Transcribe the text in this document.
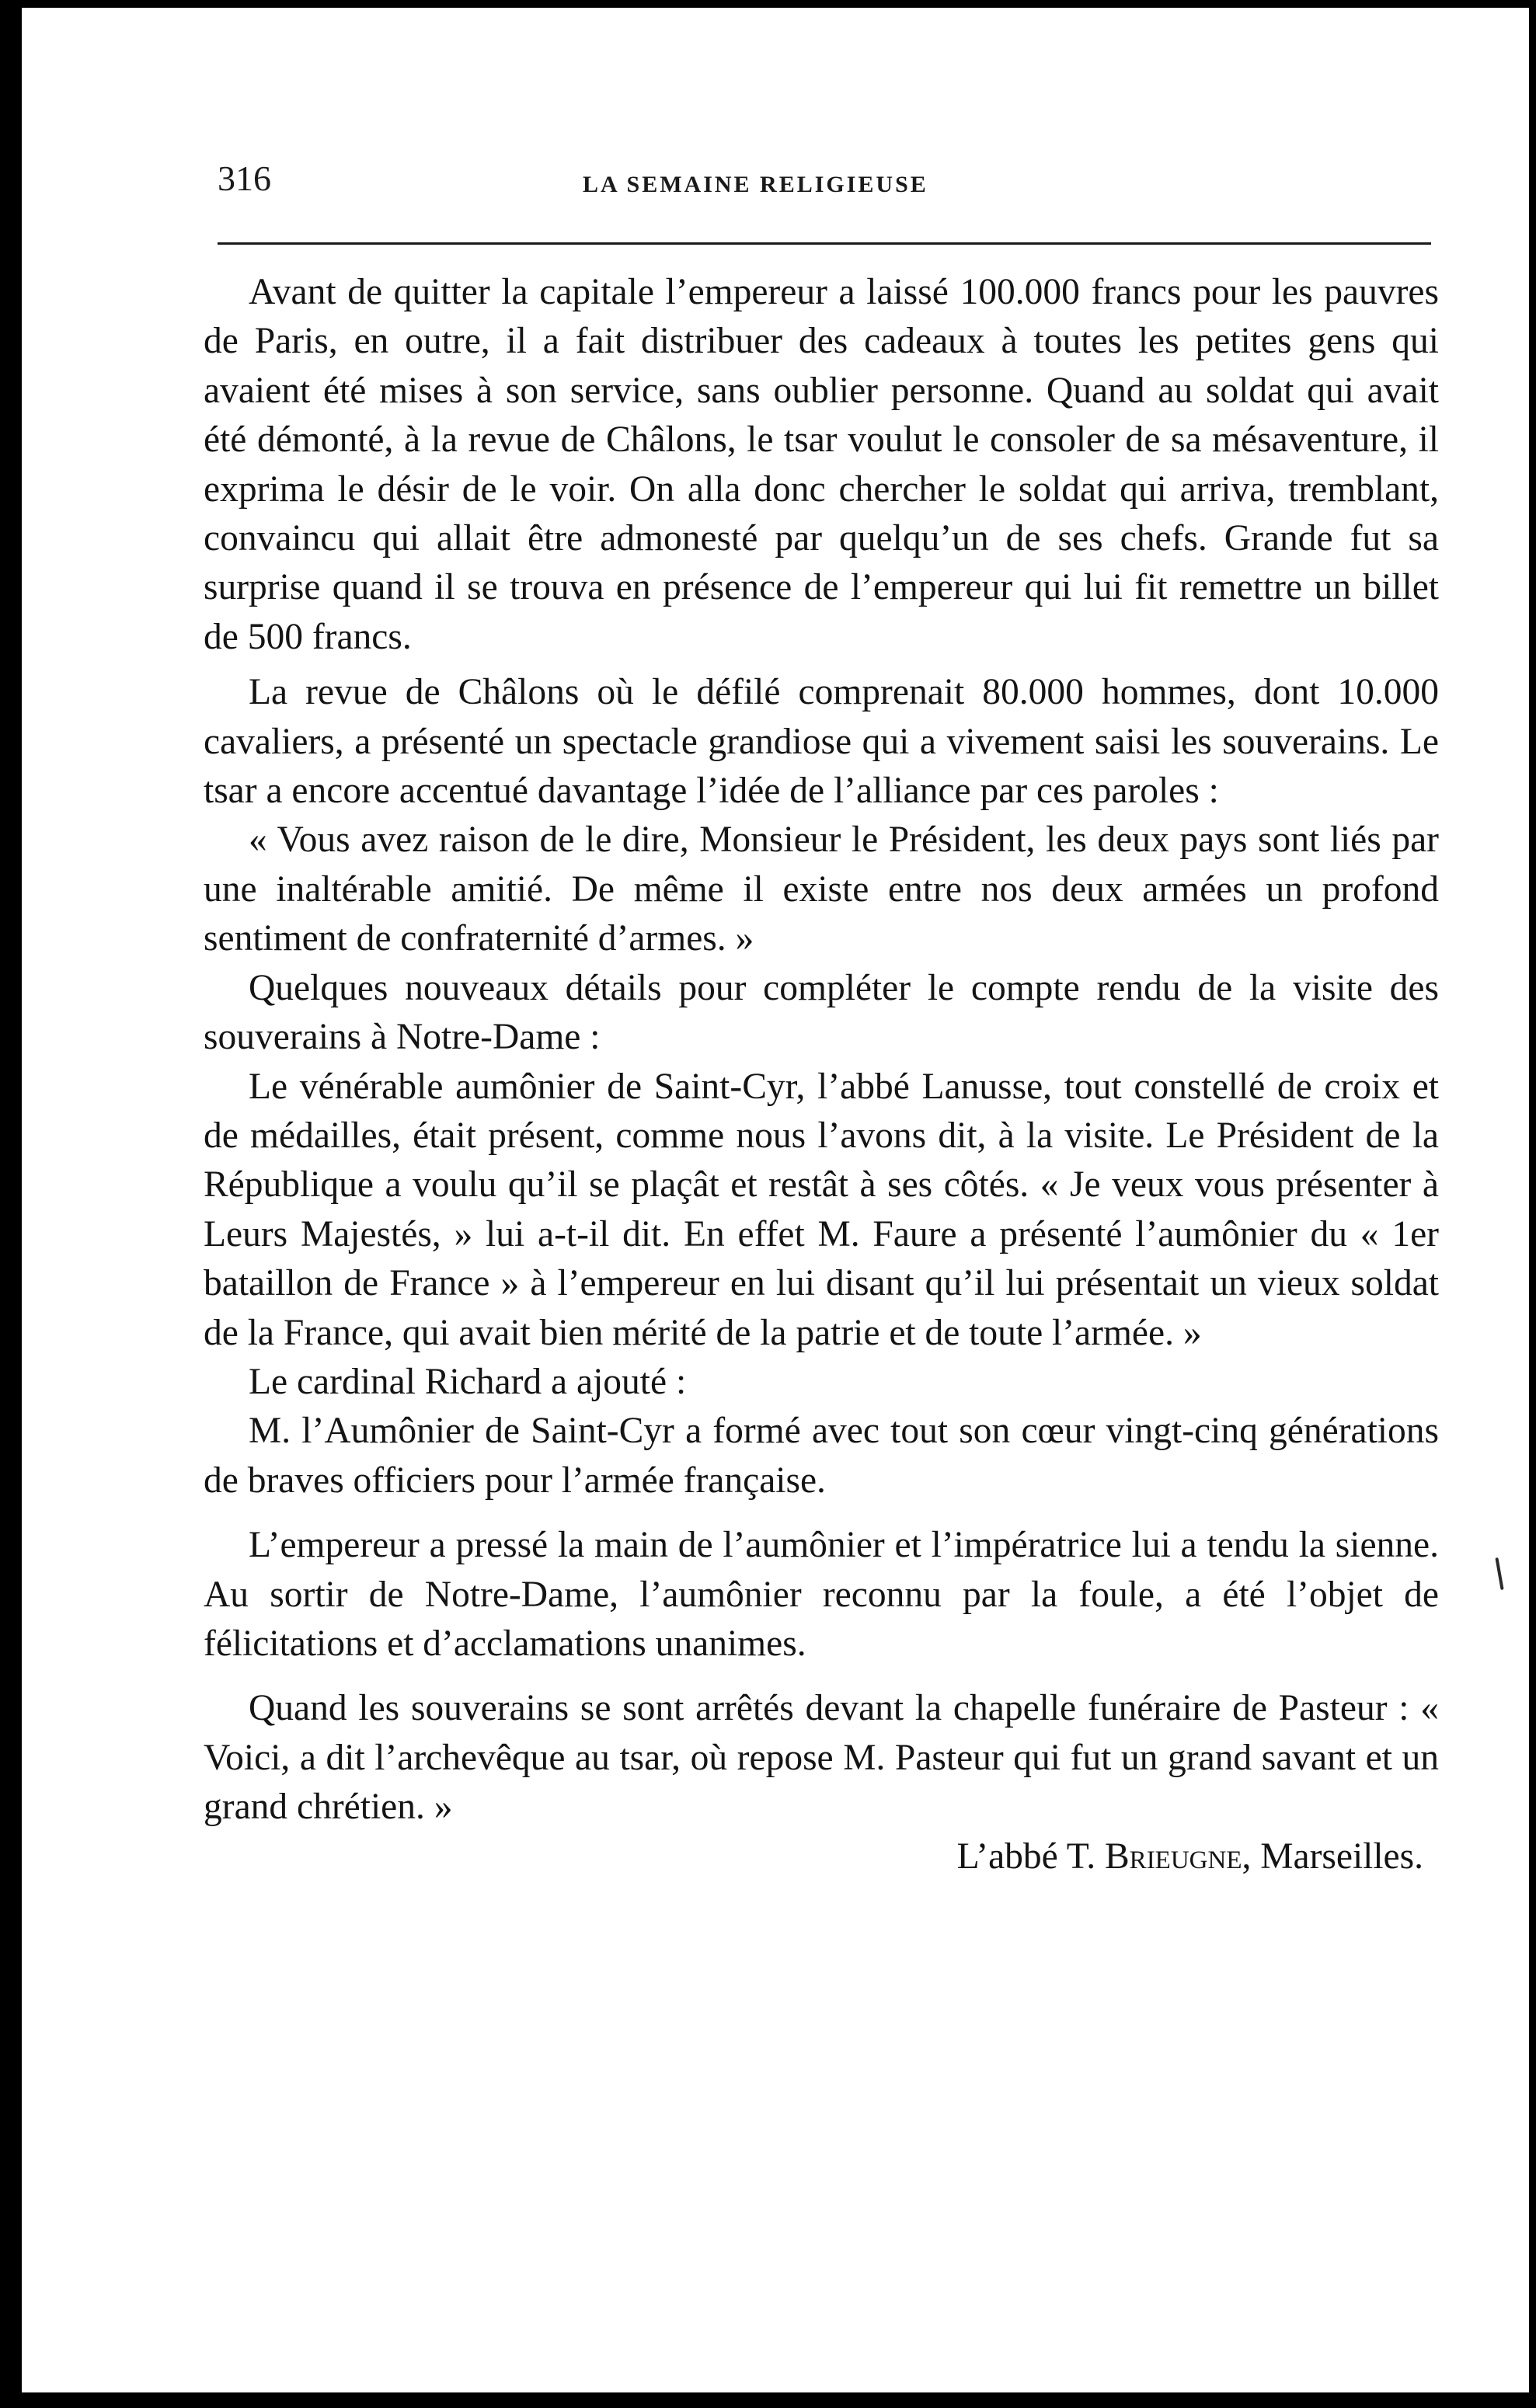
316	LA SEMAINE RELIGIEUSE

Avant de quitter la capitale l’empereur a laissé 100.000 francs pour les pauvres de Paris, en outre, il a fait distribuer des cadeaux à toutes les petites gens qui avaient été mises à son service, sans oublier personne. Quand au soldat qui avait été démonté, à la revue de Châlons, le tsar voulut le consoler de sa mésaventure, il exprima le désir de le voir. On alla donc chercher le soldat qui arriva, tremblant, convaincu qui allait être admonesté par quelqu’un de ses chefs. Grande fut sa surprise quand il se trouva en présence de l’empereur qui lui fit remettre un billet de 500 francs.

La revue de Châlons où le défilé comprenait 80.000 hommes, dont 10.000 cavaliers, a présenté un spectacle grandiose qui a vivement saisi les souverains. Le tsar a encore accentué davantage l’idée de l’alliance par ces paroles :

« Vous avez raison de le dire, Monsieur le Président, les deux pays sont liés par une inaltérable amitié. De même il existe entre nos deux armées un profond sentiment de confraternité d’armes. »

Quelques nouveaux détails pour compléter le compte rendu de la visite des souverains à Notre-Dame :

Le vénérable aumônier de Saint-Cyr, l’abbé Lanusse, tout constellé de croix et de médailles, était présent, comme nous l’avons dit, à la visite. Le Président de la République a voulu qu’il se plaçât et restât à ses côtés. « Je veux vous présenter à Leurs Majestés, » lui a-t-il dit. En effet M. Faure a présenté l’aumônier du « 1er bataillon de France » à l’empereur en lui disant qu’il lui présentait un vieux soldat de la France, qui avait bien mérité de la patrie et de toute l’armée. »

Le cardinal Richard a ajouté :

M. l’Aumônier de Saint-Cyr a formé avec tout son cœur vingt-cinq générations de braves officiers pour l’armée française.

L’empereur a pressé la main de l’aumônier et l’impératrice lui a tendu la sienne. Au sortir de Notre-Dame, l’aumônier reconnu par la foule, a été l’objet de félicitations et d’acclamations unanimes.

Quand les souverains se sont arrêtés devant la chapelle funéraire de Pasteur : « Voici, a dit l’archevêque au tsar, où repose M. Pasteur qui fut un grand savant et un grand chrétien. »

L’abbé T. Brieugne, Marseilles.
